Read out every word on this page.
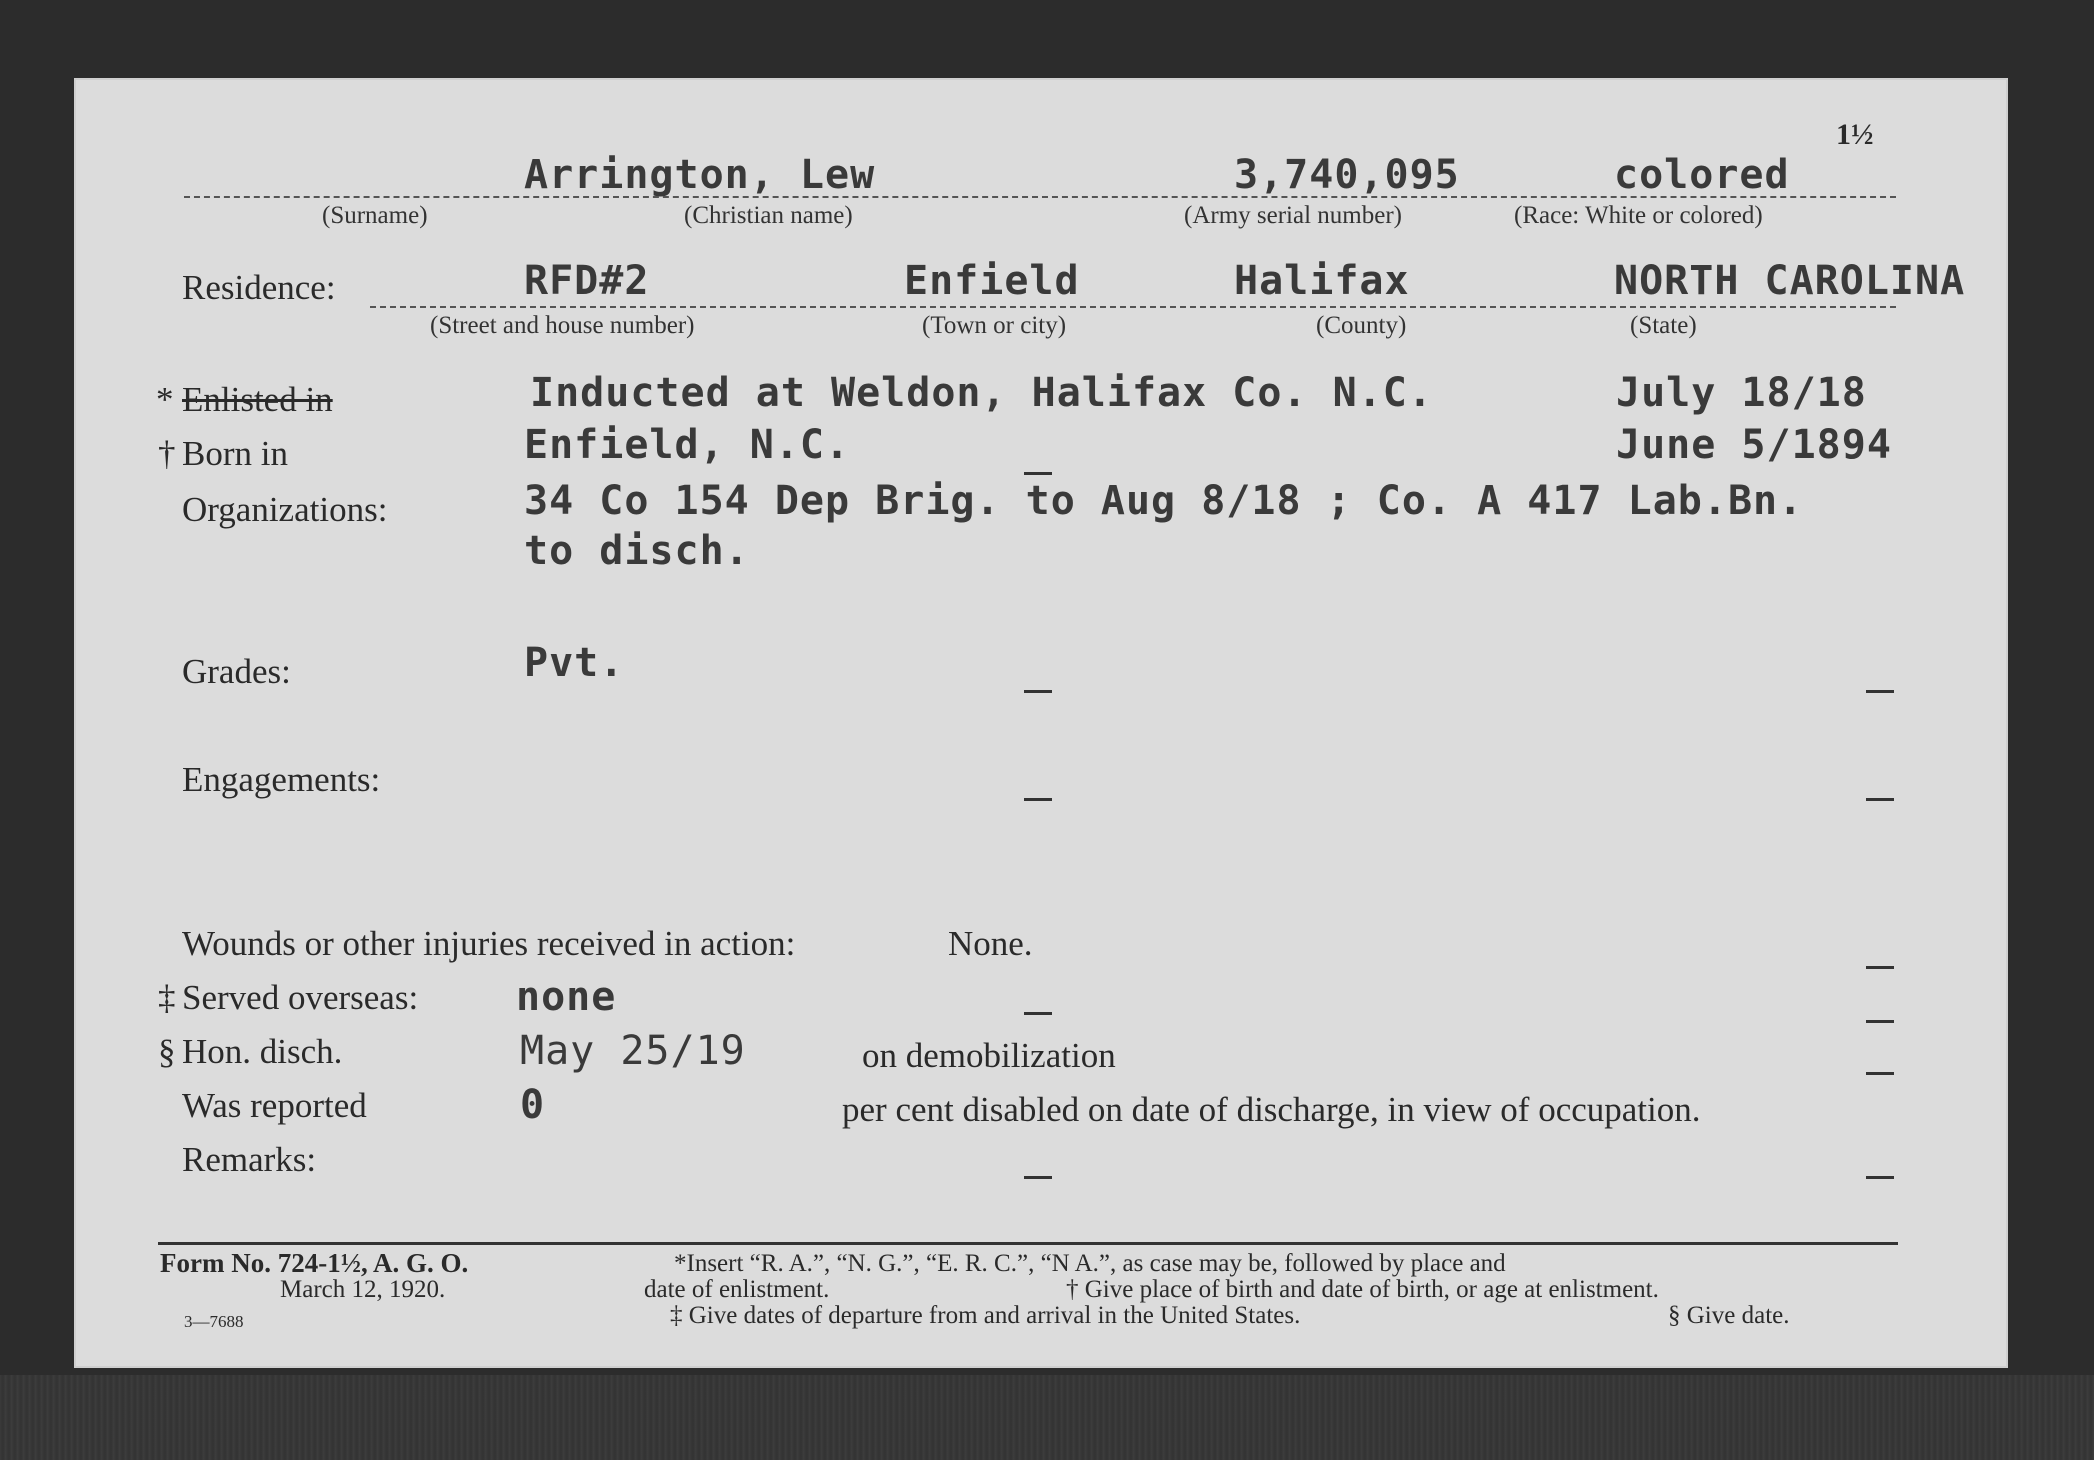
1½
Arrington, Lew	3,740,095	colored
(Surname)	(Christian name)	(Army serial number)	(Race: White or colored)
Residence:	RFD#2	Enfield	Halifax	NORTH CAROLINA
(Street and house number)	(Town or city)	(County)	(State)
* Enlisted in	Inducted at Weldon, Halifax Co. N.C.	July 18/18
† Born in	Enfield, N.C.	June 5/1894
Organizations:	34 Co 154 Dep Brig. to Aug 8/18 ; Co. A 417 Lab.Bn.
to disch.
Grades:	Pvt.
Engagements:
Wounds or other injuries received in action:	None.
‡ Served overseas: none
§ Hon. disch.	May 25/19	on demobilization
Was reported	0	per cent disabled on date of discharge, in view of occupation.
Remarks:
Form No. 724-1½, A. G. O.
March 12, 1920.
3—7688
*Insert “R. A.”, “N. G.”, “E. R. C.”, “N A.”, as case may be, followed by place and
date of enlistment.	† Give place of birth and date of birth, or age at enlistment.
‡ Give dates of departure from and arrival in the United States.	§ Give date.
